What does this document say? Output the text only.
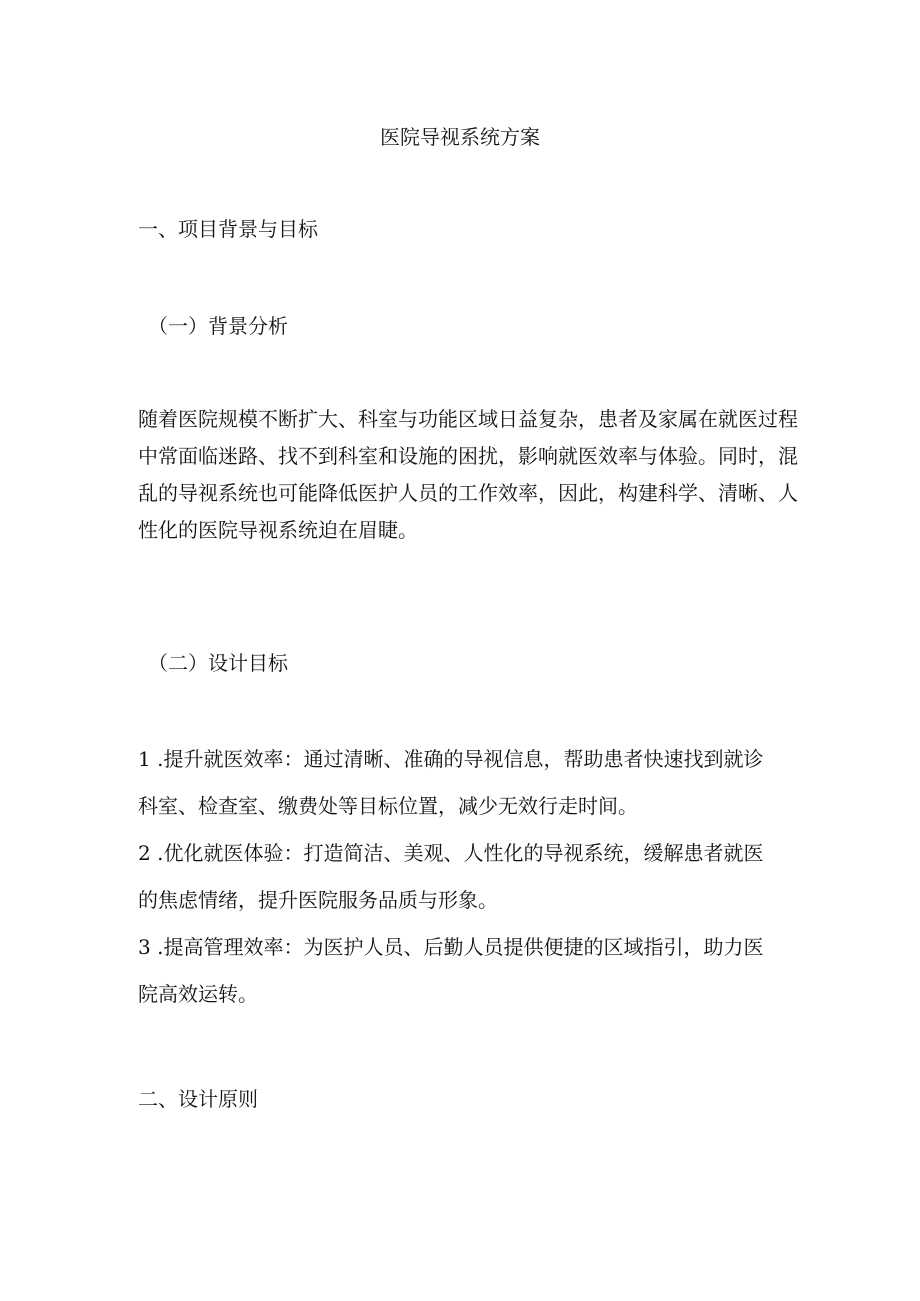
医院导视系统方案
一、项目背景与目标
（一）背景分析

随着医院规模不断扩大、科室与功能区域日益复杂，患者及家属在就医过程中常面临迷路、找不到科室和设施的困扰，影响就医效率与体验。同时，混乱的导视系统也可能降低医护人员的工作效率，因此，构建科学、清晰、人性化的医院导视系统迫在眉睫。

（二）设计目标

1 .提升就医效率：通过清晰、准确的导视信息，帮助患者快速找到就诊科室、检查室、缴费处等目标位置，减少无效行走时间。

2 .优化就医体验：打造简洁、美观、人性化的导视系统，缓解患者就医的焦虑情绪，提升医院服务品质与形象。

3 .提高管理效率：为医护人员、后勤人员提供便捷的区域指引，助力医院高效运转。

二、设计原则
